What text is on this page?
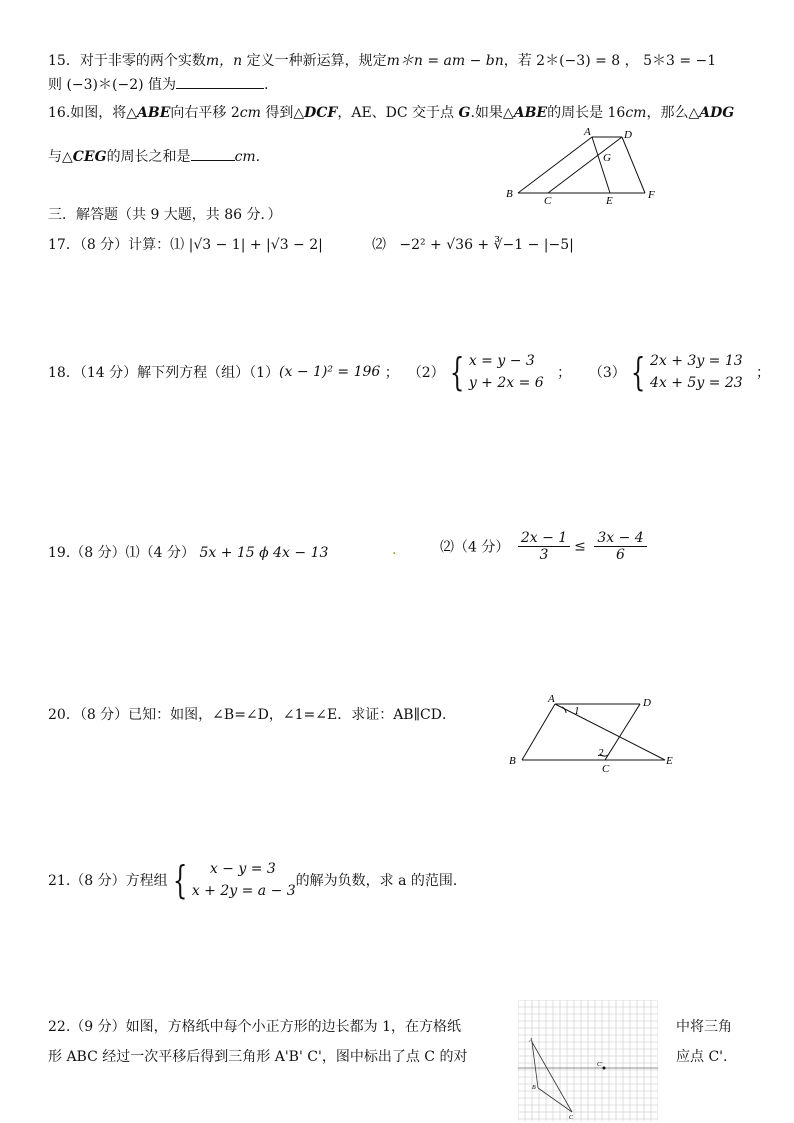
15．对于非零的两个实数m，n 定义一种新运算，规定m＊n = am − bn，若 2＊(−3) = 8 ， 5＊3 = −1
则 (−3)＊(−2) 值为	.
16.如图，将△ABE向右平移 2cm 得到△DCF，AE、DC 交于点 G.如果△ABE的周长是 16cm，那么△ADG
与△CEG的周长之和是	cm.
A	D
G
B
C	E	F
三．解答题（共 9 大题，共 86 分．）
17．（8 分）计算：⑴ |√3 − 1| + |√3 − 2|	⑵ −2² + √36 + ∛−1 − |−5|
18．（14 分）解下列方程（组）（1）(x − 1)² = 196 ； （2） { x = y − 3
y + 2x = 6
； （3） { 2x + 3y = 13
4x + 5y = 23
；
19.（8 分）⑴（4 分） 5x + 15 ϕ 4x − 13	.	⑵（4 分） $\frac{2x - 1}{3} \le \frac{3x - 4}{6}$
20．（8 分）已知：如图，∠B=∠D，∠1=∠E．求证：AB∥CD．
A
1
D
2
B
C
E
21.（8 分）方程组 {	x − y = 3
x + 2y = a − 3
的解为负数，求 a 的范围.
22.（9 分）如图，方格纸中每个小正方形的边长都为 1，在方格纸	中将三角
形 ABC 经过一次平移后得到三角形 A'B' C'，图中标出了点 C 的对	应点 C'.
A
B
C
C'
